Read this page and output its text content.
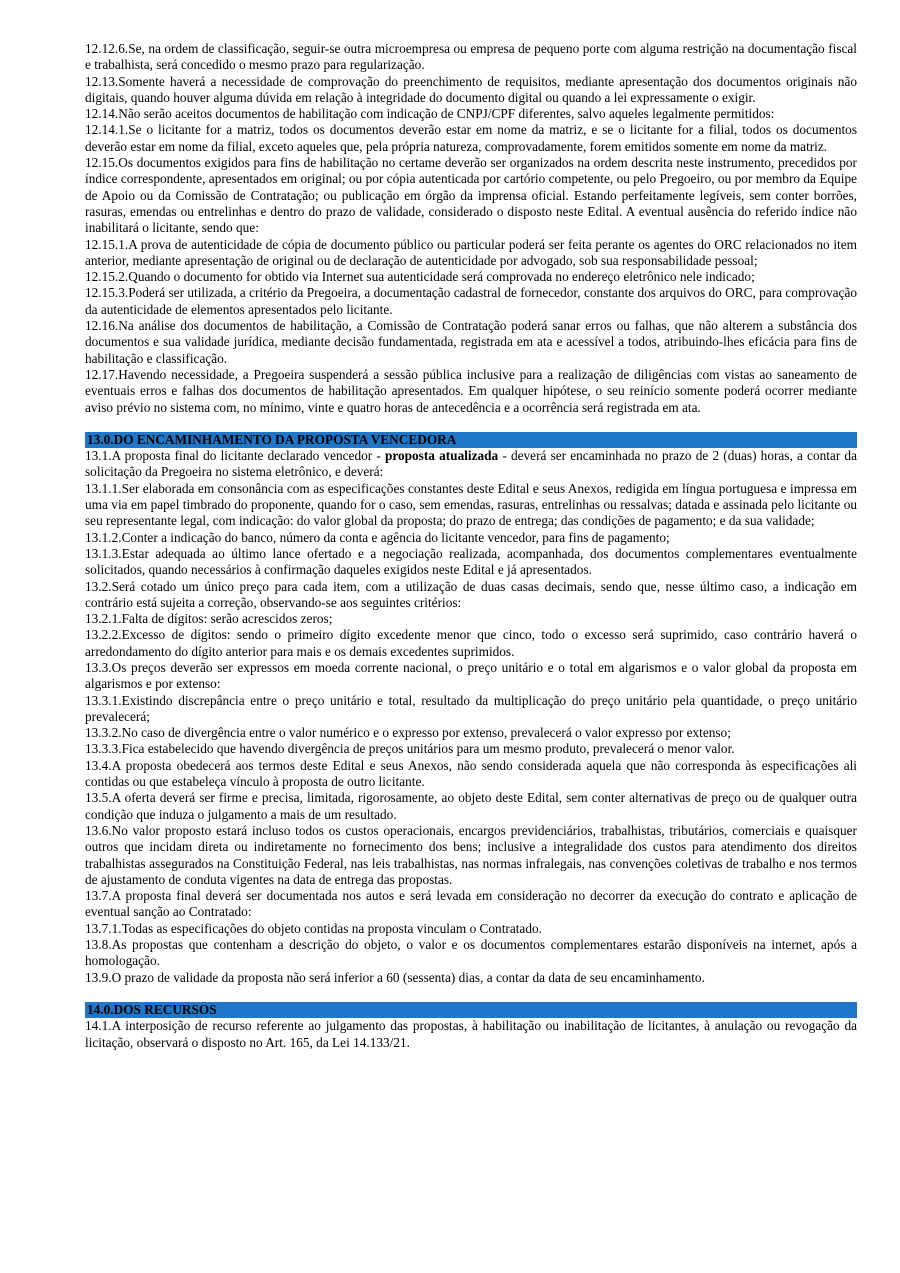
12.12.6.Se, na ordem de classificação, seguir-se outra microempresa ou empresa de pequeno porte com alguma restrição na documentação fiscal e trabalhista, será concedido o mesmo prazo para regularização.

12.13.Somente haverá a necessidade de comprovação do preenchimento de requisitos, mediante apresentação dos documentos originais não digitais, quando houver alguma dúvida em relação à integridade do documento digital ou quando a lei expressamente o exigir.

12.14.Não serão aceitos documentos de habilitação com indicação de CNPJ/CPF diferentes, salvo aqueles legalmente permitidos:

12.14.1.Se o licitante for a matriz, todos os documentos deverão estar em nome da matriz, e se o licitante for a filial, todos os documentos deverão estar em nome da filial, exceto aqueles que, pela própria natureza, comprovadamente, forem emitidos somente em nome da matriz.

12.15.Os documentos exigidos para fins de habilitação no certame deverão ser organizados na ordem descrita neste instrumento, precedidos por índice correspondente, apresentados em original; ou por cópia autenticada por cartório competente, ou pelo Pregoeiro, ou por membro da Equipe de Apoio ou da Comissão de Contratação; ou publicação em órgão da imprensa oficial. Estando perfeitamente legíveis, sem conter borrões, rasuras, emendas ou entrelinhas e dentro do prazo de validade, considerado o disposto neste Edital. A eventual ausência do referido índice não inabilitará o licitante, sendo que:

12.15.1.A prova de autenticidade de cópia de documento público ou particular poderá ser feita perante os agentes do ORC relacionados no item anterior, mediante apresentação de original ou de declaração de autenticidade por advogado, sob sua responsabilidade pessoal;

12.15.2.Quando o documento for obtido via Internet sua autenticidade será comprovada no endereço eletrônico nele indicado;

12.15.3.Poderá ser utilizada, a critério da Pregoeira, a documentação cadastral de fornecedor, constante dos arquivos do ORC, para comprovação da autenticidade de elementos apresentados pelo licitante.

12.16.Na análise dos documentos de habilitação, a Comissão de Contratação poderá sanar erros ou falhas, que não alterem a substância dos documentos e sua validade jurídica, mediante decisão fundamentada, registrada em ata e acessível a todos, atribuindo-lhes eficácia para fins de habilitação e classificação.

12.17.Havendo necessidade, a Pregoeira suspenderá a sessão pública inclusive para a realização de diligências com vistas ao saneamento de eventuais erros e falhas dos documentos de habilitação apresentados. Em qualquer hipótese, o seu reinício somente poderá ocorrer mediante aviso prévio no sistema com, no mínimo, vinte e quatro horas de antecedência e a ocorrência será registrada em ata.

13.0.DO ENCAMINHAMENTO DA PROPOSTA VENCEDORA

13.1.A proposta final do licitante declarado vencedor - proposta atualizada - deverá ser encaminhada no prazo de 2 (duas) horas, a contar da solicitação da Pregoeira no sistema eletrônico, e deverá:

13.1.1.Ser elaborada em consonância com as especificações constantes deste Edital e seus Anexos, redigida em língua portuguesa e impressa em uma via em papel timbrado do proponente, quando for o caso, sem emendas, rasuras, entrelinhas ou ressalvas; datada e assinada pelo licitante ou seu representante legal, com indicação: do valor global da proposta; do prazo de entrega; das condições de pagamento; e da sua validade;

13.1.2.Conter a indicação do banco, número da conta e agência do licitante vencedor, para fins de pagamento;

13.1.3.Estar adequada ao último lance ofertado e a negociação realizada, acompanhada, dos documentos complementares eventualmente solicitados, quando necessários à confirmação daqueles exigidos neste Edital e já apresentados.

13.2.Será cotado um único preço para cada item, com a utilização de duas casas decimais, sendo que, nesse último caso, a indicação em contrário está sujeita a correção, observando-se aos seguintes critérios:

13.2.1.Falta de dígitos: serão acrescidos zeros;

13.2.2.Excesso de dígitos: sendo o primeiro dígito excedente menor que cinco, todo o excesso será suprimido, caso contrário haverá o arredondamento do dígito anterior para mais e os demais excedentes suprimidos.

13.3.Os preços deverão ser expressos em moeda corrente nacional, o preço unitário e o total em algarismos e o valor global da proposta em algarismos e por extenso:

13.3.1.Existindo discrepância entre o preço unitário e total, resultado da multiplicação do preço unitário pela quantidade, o preço unitário prevalecerá;

13.3.2.No caso de divergência entre o valor numérico e o expresso por extenso, prevalecerá o valor expresso por extenso;

13.3.3.Fica estabelecido que havendo divergência de preços unitários para um mesmo produto, prevalecerá o menor valor.

13.4.A proposta obedecerá aos termos deste Edital e seus Anexos, não sendo considerada aquela que não corresponda às especificações ali contidas ou que estabeleça vínculo à proposta de outro licitante.

13.5.A oferta deverá ser firme e precisa, limitada, rigorosamente, ao objeto deste Edital, sem conter alternativas de preço ou de qualquer outra condição que induza o julgamento a mais de um resultado.

13.6.No valor proposto estará incluso todos os custos operacionais, encargos previdenciários, trabalhistas, tributários, comerciais e quaisquer outros que incidam direta ou indiretamente no fornecimento dos bens; inclusive a integralidade dos custos para atendimento dos direitos trabalhistas assegurados na Constituição Federal, nas leis trabalhistas, nas normas infralegais, nas convenções coletivas de trabalho e nos termos de ajustamento de conduta vigentes na data de entrega das propostas.

13.7.A proposta final deverá ser documentada nos autos e será levada em consideração no decorrer da execução do contrato e aplicação de eventual sanção ao Contratado:

13.7.1.Todas as especificações do objeto contidas na proposta vinculam o Contratado.

13.8.As propostas que contenham a descrição do objeto, o valor e os documentos complementares estarão disponíveis na internet, após a homologação.

13.9.O prazo de validade da proposta não será inferior a 60 (sessenta) dias, a contar da data de seu encaminhamento.

14.0.DOS RECURSOS

14.1.A interposição de recurso referente ao julgamento das propostas, à habilitação ou inabilitação de licitantes, à anulação ou revogação da licitação, observará o disposto no Art. 165, da Lei 14.133/21.
